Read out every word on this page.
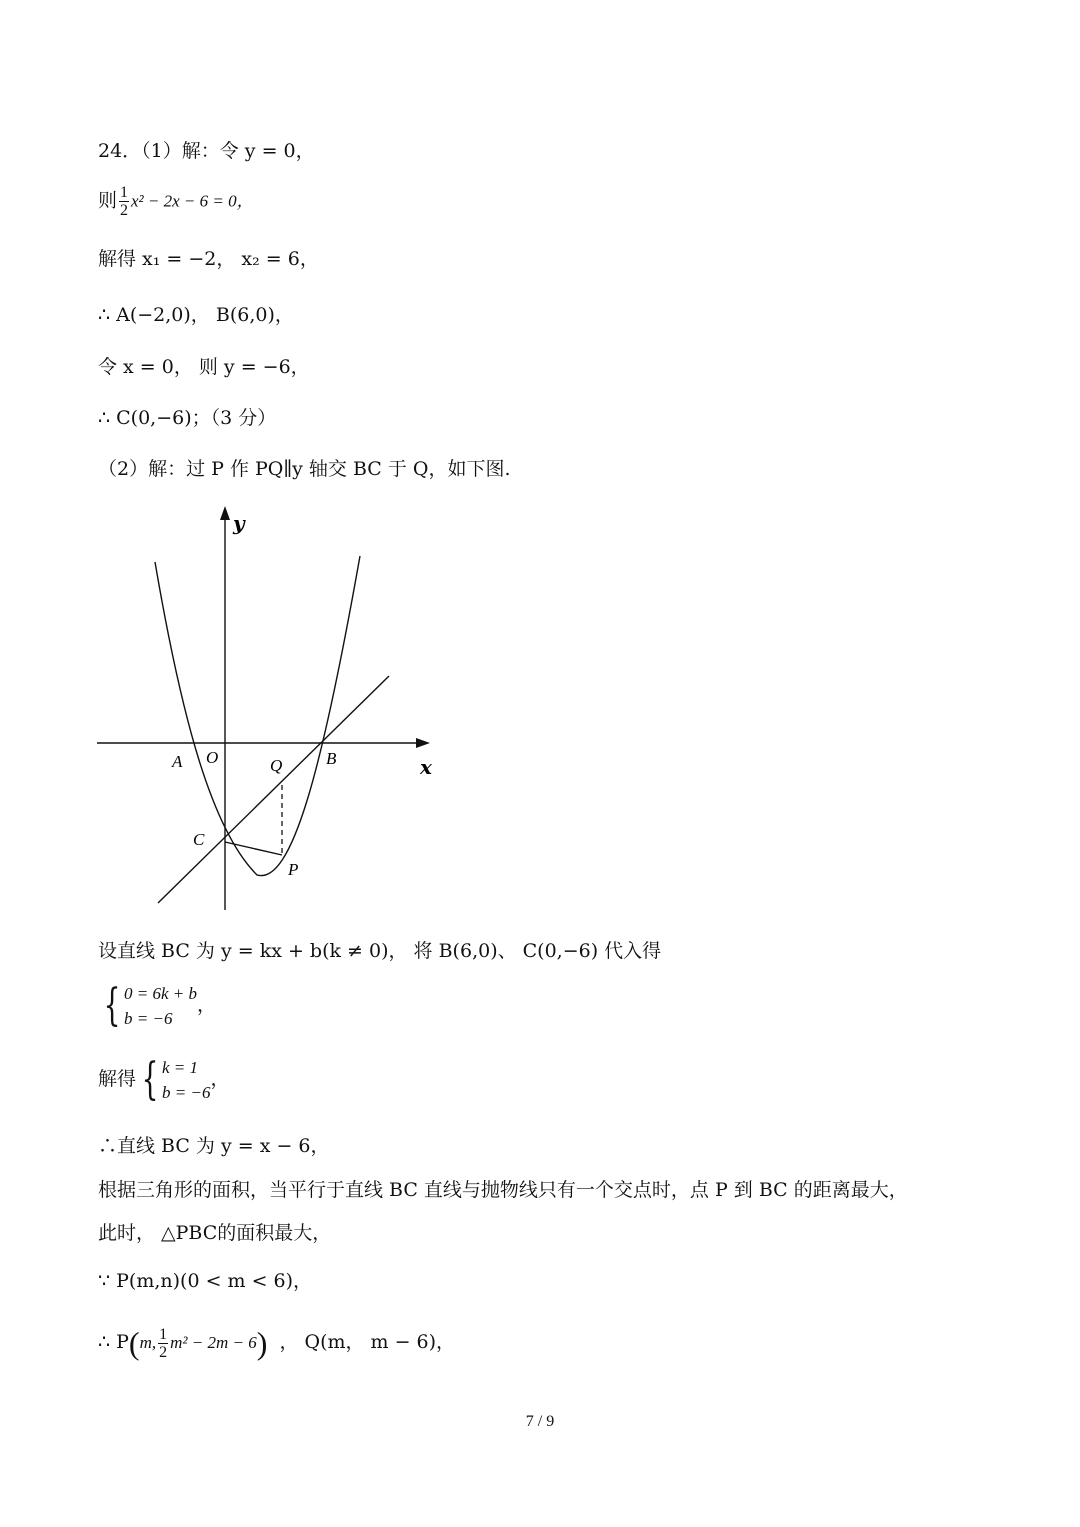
24．（1）解：令 y = 0，
则 $\frac{1}{2} x^2 - 2x - 6 = 0$，
解得 x₁ = −2， x₂ = 6，
∴ A(−2,0)， B(6,0)，
令 x = 0， 则 y = −6，
∴ C(0,−6)；（3 分）
（2）解：过 P 作 PQ∥y 轴交 BC 于 Q，如下图.
y
x
A O	B
Q
C
P
设直线 BC 为 y = kx + b(k ≠ 0)， 将 B(6,0)、 C(0,−6) 代入得
{ 0 = 6k + b
b = −6
，
解得 { k = 1
b = −6
，
∴直线 BC 为 y = x − 6，
根据三角形的面积，当平行于直线 BC 直线与抛物线只有一个交点时，点 P 到 BC 的距离最大，
此时， △PBC的面积最大，
∵ P(m,n)(0 < m < 6)，
∴ P(m, $\frac{1}{2} m^2 - 2m - 6$) ， Q(m， m − 6)，
7 / 9
